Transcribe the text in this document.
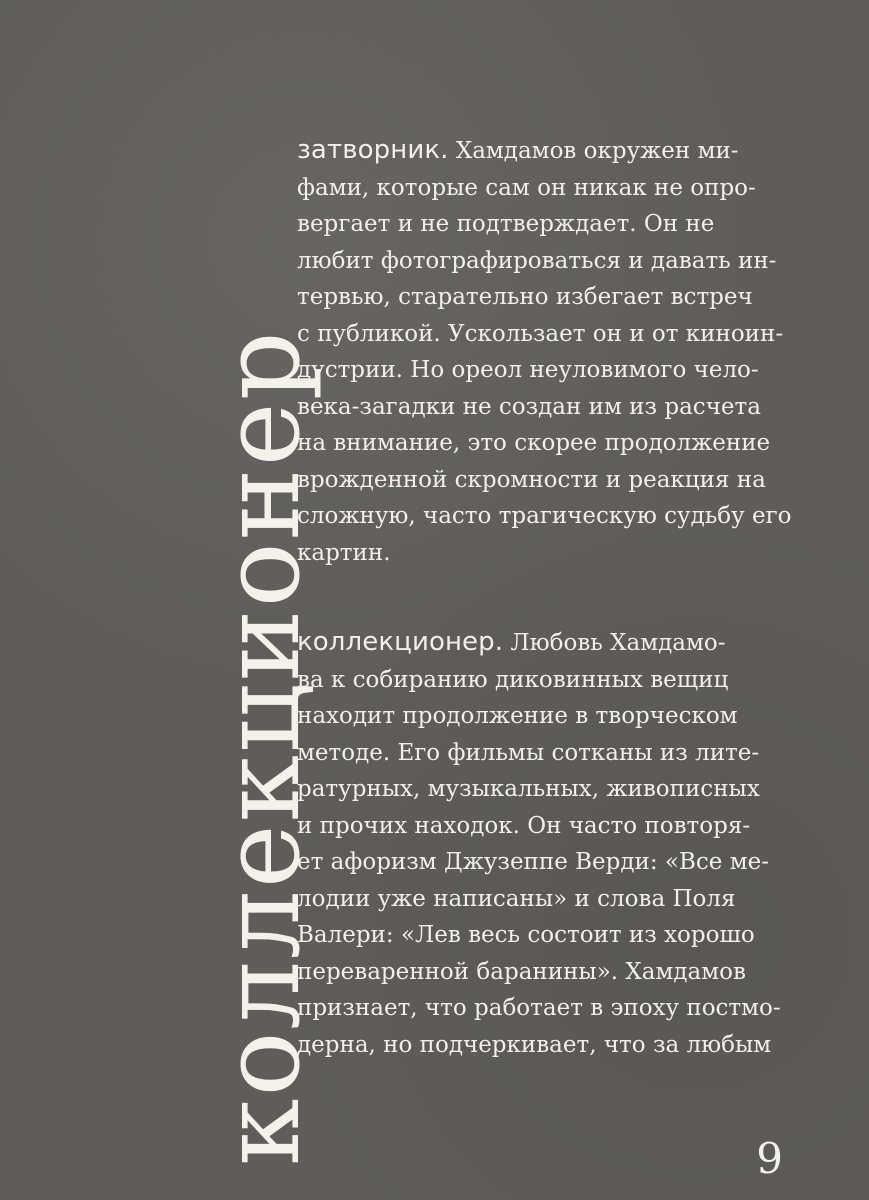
коллекционер

затворник. Хамдамов окружен ми-
фами, которые сам он никак не опро-
вергает и не подтверждает. Он не
любит фотографироваться и давать ин-
тервью, старательно избегает встреч
с публикой. Ускользает он и от киноин-
дустрии. Но ореол неуловимого чело-
века-загадки не создан им из расчета
на внимание, это скорее продолжение
врожденной скромности и реакция на
сложную, часто трагическую судьбу его
картин.

коллекционер. Любовь Хамдамо-
ва к собиранию диковинных вещиц
находит продолжение в творческом
методе. Его фильмы сотканы из лите-
ратурных, музыкальных, живописных
и прочих находок. Он часто повторя-
ет афоризм Джузеппе Верди: «Все ме-
лодии уже написаны» и слова Поля
Валери: «Лев весь состоит из хорошо
переваренной баранины». Хамдамов
признает, что работает в эпоху постмо-
дерна, но подчеркивает, что за любым

9
